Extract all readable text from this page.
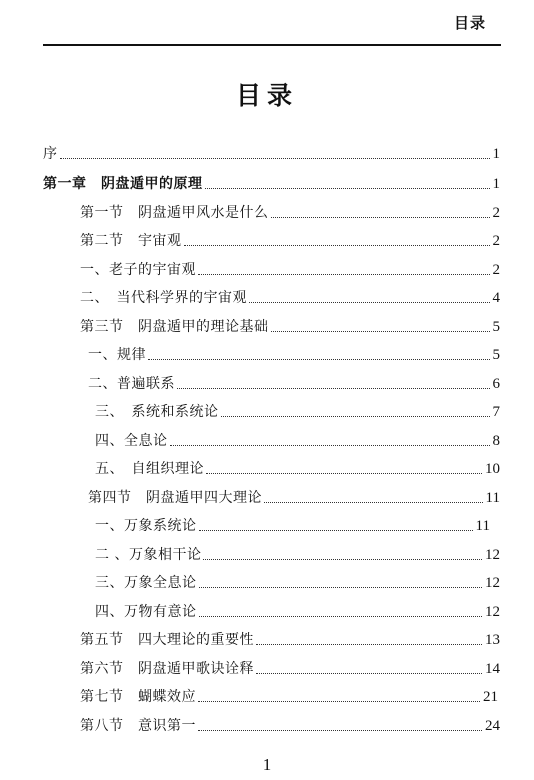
目录
目录
序	1
第一章　阴盘遁甲的原理	1
第一节　阴盘遁甲风水是什么	2
第二节　宇宙观	2
一、老子的宇宙观	2
二、　当代科学界的宇宙观	4
第三节　阴盘遁甲的理论基础	5
一、规律	5
二、普遍联系	6
三、　系统和系统论	7
四、全息论	8
五、　自组织理论	10
第四节　阴盘遁甲四大理论	11
一、万象系统论	11
二 、万象相干论	12
三、万象全息论	12
四、万物有意论	12
第五节　四大理论的重要性	13
第六节　阴盘遁甲歌诀诠释	14
第七节　蝴蝶效应	21
第八节　意识第一	24
1
